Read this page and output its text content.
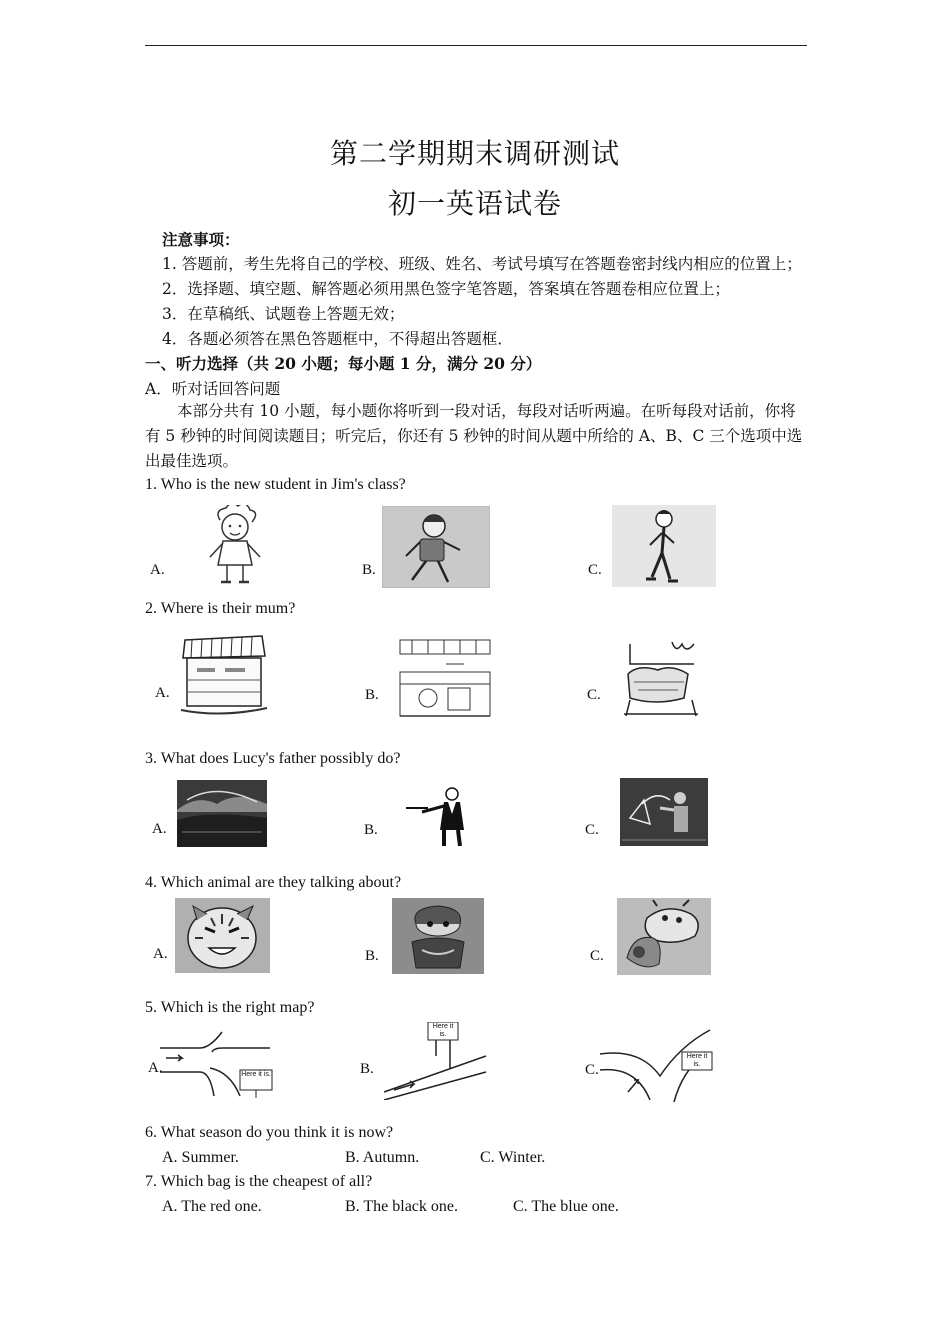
第二学期期末调研测试
初一英语试卷
注意事项：
1. 答题前，考生先将自己的学校、班级、姓名、考试号填写在答题卷密封线内相应的位置上；
2．选择题、填空题、解答题必须用黑色签字笔答题，答案填在答题卷相应位置上；
3．在草稿纸、试题卷上答题无效；
4．各题必须答在黑色答题框中，不得超出答题框．
一、听力选择（共 20 小题；每小题 1 分，满分 20 分）
A．听对话回答问题
本部分共有 10 小题，每小题你将听到一段对话，每段对话听两遍。在听每段对话前，你将有 5 秒钟的时间阅读题目；听完后，你还有 5 秒钟的时间从题中所给的 A、B、C 三个选项中选出最佳选项。
1. Who is the new student in Jim's class?
A.	B.	C.
2. Where is their mum?
A.	B.	C.
3. What does Lucy's father possibly do?
A.	B.	C.
4. Which animal are they talking about?
A.	B.	C.
5. Which is the right map?
A.	B.	C.
Here it is.
Here it is.
Here it is.
6. What season do you think it is now?
A. Summer.	B. Autumn.	C. Winter.
7. Which bag is the cheapest of all?
A. The red one.	B. The black one.	C. The blue one.
